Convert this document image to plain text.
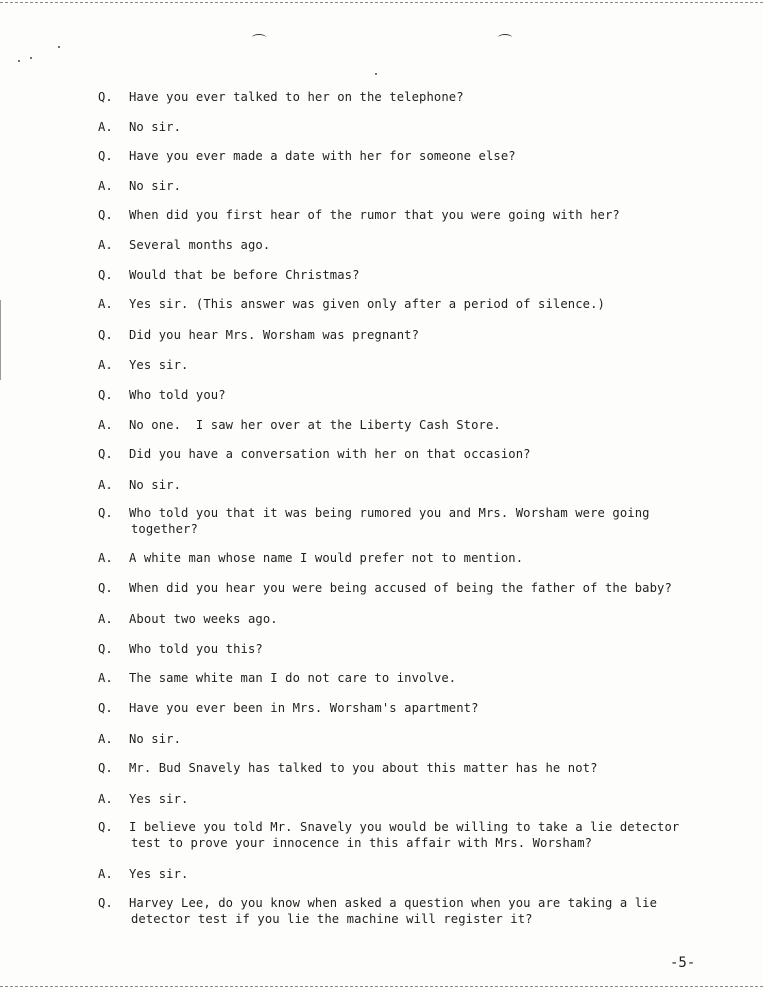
Q. Have you ever talked to her on the telephone?
A. No sir.
Q. Have you ever made a date with her for someone else?
A. No sir.
Q. When did you first hear of the rumor that you were going with her?
A. Several months ago.
Q. Would that be before Christmas?
A. Yes sir. (This answer was given only after a period of silence.)
Q. Did you hear Mrs. Worsham was pregnant?
A. Yes sir.
Q. Who told you?
A. No one.  I saw her over at the Liberty Cash Store.
Q. Did you have a conversation with her on that occasion?
A. No sir.
Q. Who told you that it was being rumored you and Mrs. Worsham were going
together?
A. A white man whose name I would prefer not to mention.
Q. When did you hear you were being accused of being the father of the baby?
A. About two weeks ago.
Q. Who told you this?
A. The same white man I do not care to involve.
Q. Have you ever been in Mrs. Worsham's apartment?
A. No sir.
Q. Mr. Bud Snavely has talked to you about this matter has he not?
A. Yes sir.
Q. I believe you told Mr. Snavely you would be willing to take a lie detector
test to prove your innocence in this affair with Mrs. Worsham?
A. Yes sir.
Q. Harvey Lee, do you know when asked a question when you are taking a lie
detector test if you lie the machine will register it?
-5-
